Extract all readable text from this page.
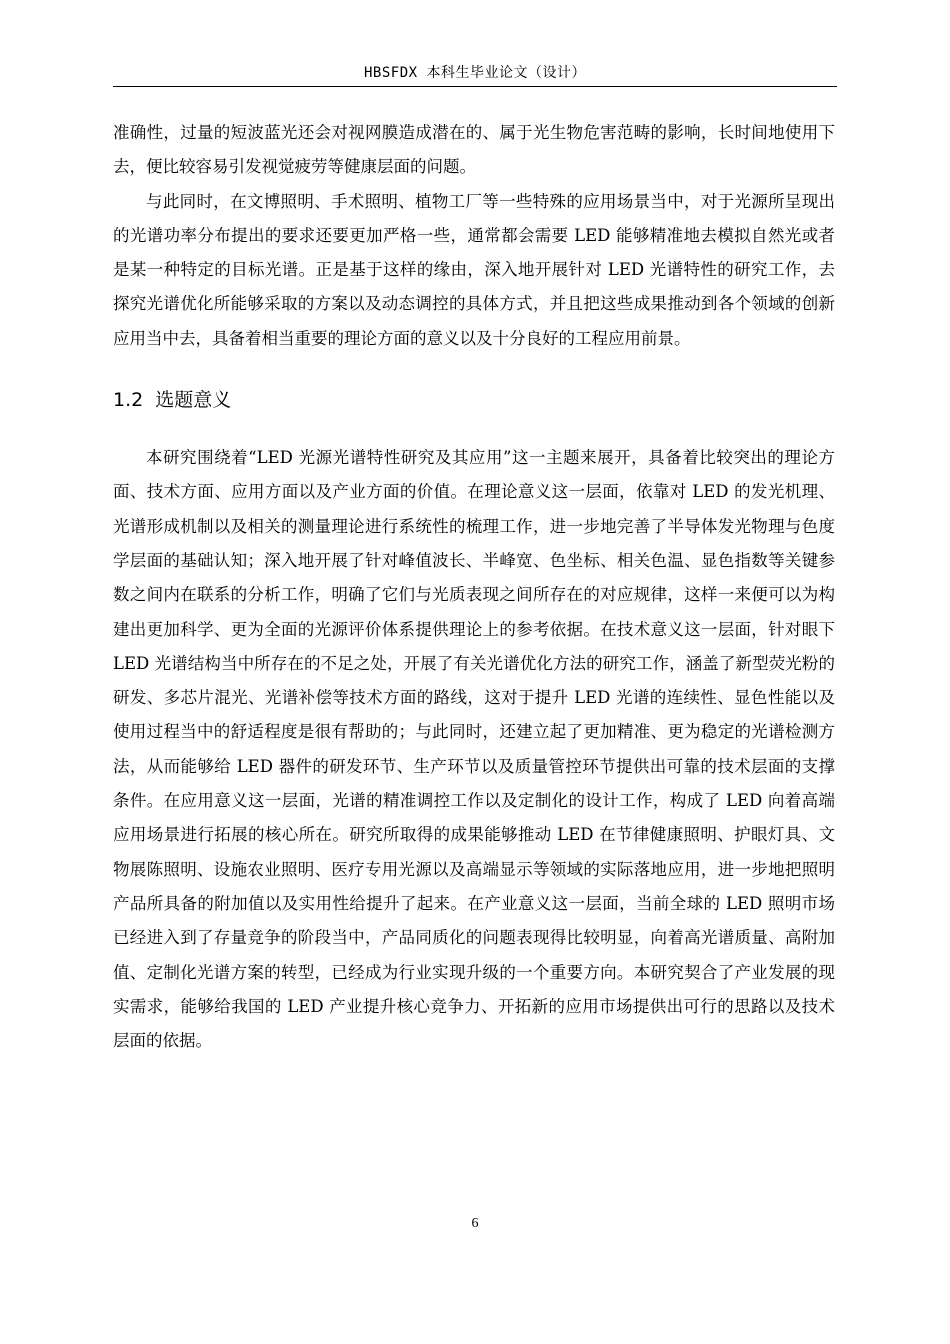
HBSFDX 本科生毕业论文（设计）

准确性，过量的短波蓝光还会对视网膜造成潜在的、属于光生物危害范畴的影响，长时间地使用下去，便比较容易引发视觉疲劳等健康层面的问题。

与此同时，在文博照明、手术照明、植物工厂等一些特殊的应用场景当中，对于光源所呈现出的光谱功率分布提出的要求还要更加严格一些，通常都会需要 LED 能够精准地去模拟自然光或者是某一种特定的目标光谱。正是基于这样的缘由，深入地开展针对 LED 光谱特性的研究工作，去探究光谱优化所能够采取的方案以及动态调控的具体方式，并且把这些成果推动到各个领域的创新应用当中去，具备着相当重要的理论方面的意义以及十分良好的工程应用前景。

1.2 选题意义

本研究围绕着“LED 光源光谱特性研究及其应用”这一主题来展开，具备着比较突出的理论方面、技术方面、应用方面以及产业方面的价值。在理论意义这一层面，依靠对 LED 的发光机理、光谱形成机制以及相关的测量理论进行系统性的梳理工作，进一步地完善了半导体发光物理与色度学层面的基础认知；深入地开展了针对峰值波长、半峰宽、色坐标、相关色温、显色指数等关键参数之间内在联系的分析工作，明确了它们与光质表现之间所存在的对应规律，这样一来便可以为构建出更加科学、更为全面的光源评价体系提供理论上的参考依据。在技术意义这一层面，针对眼下 LED 光谱结构当中所存在的不足之处，开展了有关光谱优化方法的研究工作，涵盖了新型荧光粉的研发、多芯片混光、光谱补偿等技术方面的路线，这对于提升 LED 光谱的连续性、显色性能以及使用过程当中的舒适程度是很有帮助的；与此同时，还建立起了更加精准、更为稳定的光谱检测方法，从而能够给 LED 器件的研发环节、生产环节以及质量管控环节提供出可靠的技术层面的支撑条件。在应用意义这一层面，光谱的精准调控工作以及定制化的设计工作，构成了 LED 向着高端应用场景进行拓展的核心所在。研究所取得的成果能够推动 LED 在节律健康照明、护眼灯具、文物展陈照明、设施农业照明、医疗专用光源以及高端显示等领域的实际落地应用，进一步地把照明产品所具备的附加值以及实用性给提升了起来。在产业意义这一层面，当前全球的 LED 照明市场已经进入到了存量竞争的阶段当中，产品同质化的问题表现得比较明显，向着高光谱质量、高附加值、定制化光谱方案的转型，已经成为行业实现升级的一个重要方向。本研究契合了产业发展的现实需求，能够给我国的 LED 产业提升核心竞争力、开拓新的应用市场提供出可行的思路以及技术层面的依据。

6
